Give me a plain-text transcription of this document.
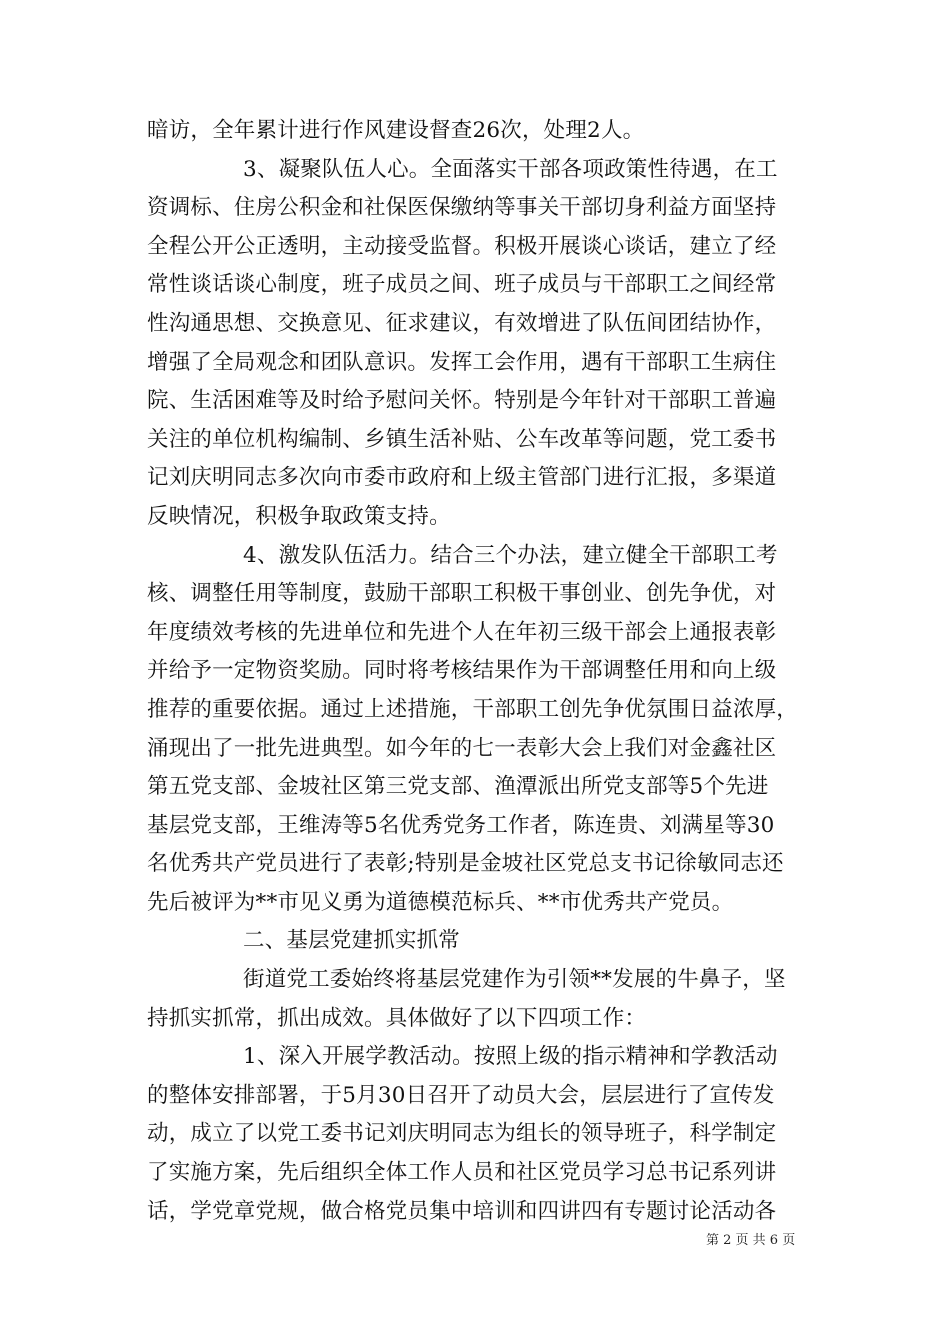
暗访，全年累计进行作风建设督查26次，处理2人。
3、凝聚队伍人心。全面落实干部各项政策性待遇，在工
资调标、住房公积金和社保医保缴纳等事关干部切身利益方面坚持
全程公开公正透明，主动接受监督。积极开展谈心谈话，建立了经
常性谈话谈心制度，班子成员之间、班子成员与干部职工之间经常
性沟通思想、交换意见、征求建议，有效增进了队伍间团结协作，
增强了全局观念和团队意识。发挥工会作用，遇有干部职工生病住
院、生活困难等及时给予慰问关怀。特别是今年针对干部职工普遍
关注的单位机构编制、乡镇生活补贴、公车改革等问题，党工委书
记刘庆明同志多次向市委市政府和上级主管部门进行汇报，多渠道
反映情况，积极争取政策支持。
4、激发队伍活力。结合三个办法，建立健全干部职工考
核、调整任用等制度，鼓励干部职工积极干事创业、创先争优，对
年度绩效考核的先进单位和先进个人在年初三级干部会上通报表彰
并给予一定物资奖励。同时将考核结果作为干部调整任用和向上级
推荐的重要依据。通过上述措施，干部职工创先争优氛围日益浓厚，
涌现出了一批先进典型。如今年的七一表彰大会上我们对金鑫社区
第五党支部、金坡社区第三党支部、渔潭派出所党支部等5个先进
基层党支部，王维涛等5名优秀党务工作者，陈连贵、刘满星等30
名优秀共产党员进行了表彰;特别是金坡社区党总支书记徐敏同志还
先后被评为**市见义勇为道德模范标兵、**市优秀共产党员。
二、基层党建抓实抓常
街道党工委始终将基层党建作为引领**发展的牛鼻子，坚
持抓实抓常，抓出成效。具体做好了以下四项工作：
1、深入开展学教活动。按照上级的指示精神和学教活动
的整体安排部署，于5月30日召开了动员大会，层层进行了宣传发
动，成立了以党工委书记刘庆明同志为组长的领导班子，科学制定
了实施方案，先后组织全体工作人员和社区党员学习总书记系列讲
话，学党章党规，做合格党员集中培训和四讲四有专题讨论活动各
第 2 页 共 6 页
